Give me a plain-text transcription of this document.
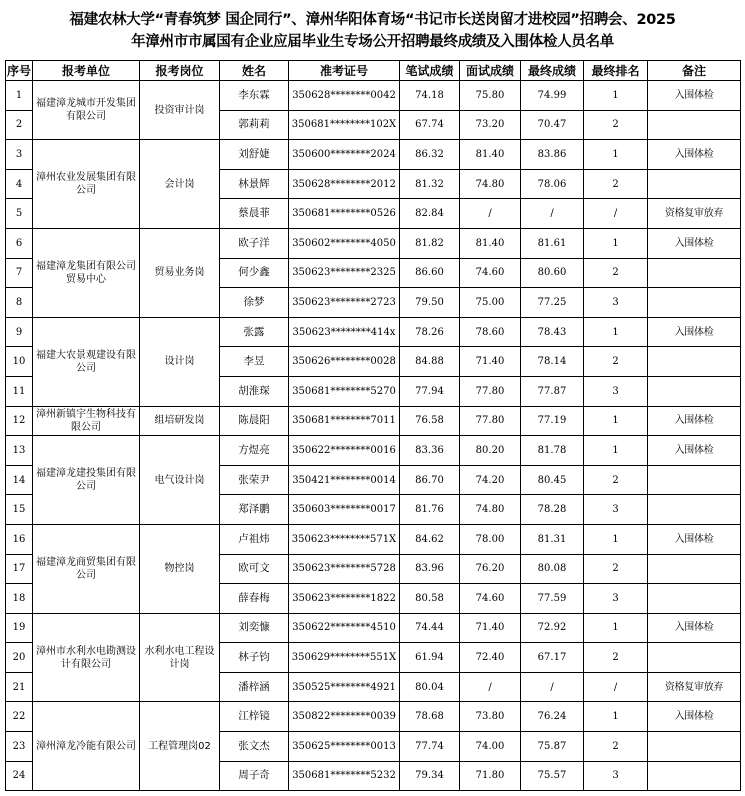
福建农林大学“青春筑梦 国企同行”、漳州华阳体育场“书记市长送岗留才进校园”招聘会、2025
年漳州市市属国有企业应届毕业生专场公开招聘最终成绩及入围体检人员名单
序号	报考单位	报考岗位	姓名	准考证号	笔试成绩	面试成绩	最终成绩	最终排名	备注
1	福建漳龙城市开发集团有限公司	投资审计岗	李东霖	350628********0042	74.18	75.80	74.99	1	入围体检
2			郭莉莉	350681********102X	67.74	73.20	70.47	2	
3	漳州农业发展集团有限公司	会计岗	刘舒婕	350600********2024	86.32	81.40	83.86	1	入围体检
4			林景辉	350628********2012	81.32	74.80	78.06	2	
5			蔡晨菲	350681********0526	82.84	/	/	/	资格复审放弃
6	福建漳龙集团有限公司贸易中心	贸易业务岗	欧子洋	350602********4050	81.82	81.40	81.61	1	入围体检
7			何少鑫	350623********2325	86.60	74.60	80.60	2	
8			徐梦	350623********2723	79.50	75.00	77.25	3	
9	福建大农景观建设有限公司	设计岗	张露	350623********414x	78.26	78.60	78.43	1	入围体检
10			李昱	350626********0028	84.88	71.40	78.14	2	
11			胡淮琛	350681********5270	77.94	77.80	77.87	3	
12	漳州新镇宇生物科技有限公司	组培研发岗	陈晨阳	350681********7011	76.58	77.80	77.19	1	入围体检
13	福建漳龙建投集团有限公司	电气设计岗	方煜亮	350622********0016	83.36	80.20	81.78	1	入围体检
14			张荣尹	350421********0014	86.70	74.20	80.45	2	
15			郑泽鹏	350603********0017	81.76	74.80	78.28	3	
16	福建漳龙商贸集团有限公司	物控岗	卢祖炜	350623********571X	84.62	78.00	81.31	1	入围体检
17			欧可文	350623********5728	83.96	76.20	80.08	2	
18			薛春梅	350623********1822	80.58	74.60	77.59	3	
19	漳州市水利水电勘测设计有限公司	水利水电工程设计岗	刘奕慷	350622********4510	74.44	71.40	72.92	1	入围体检
20			林子钧	350629********551X	61.94	72.40	67.17	2	
21			潘梓涵	350525********4921	80.04	/	/	/	资格复审放弃
22	漳州漳龙冷能有限公司	工程管理岗02	江梓镜	350822********0039	78.68	73.80	76.24	1	入围体检
23			张文杰	350625********0013	77.74	74.00	75.87	2	
24			周子奇	350681********5232	79.34	71.80	75.57	3	
